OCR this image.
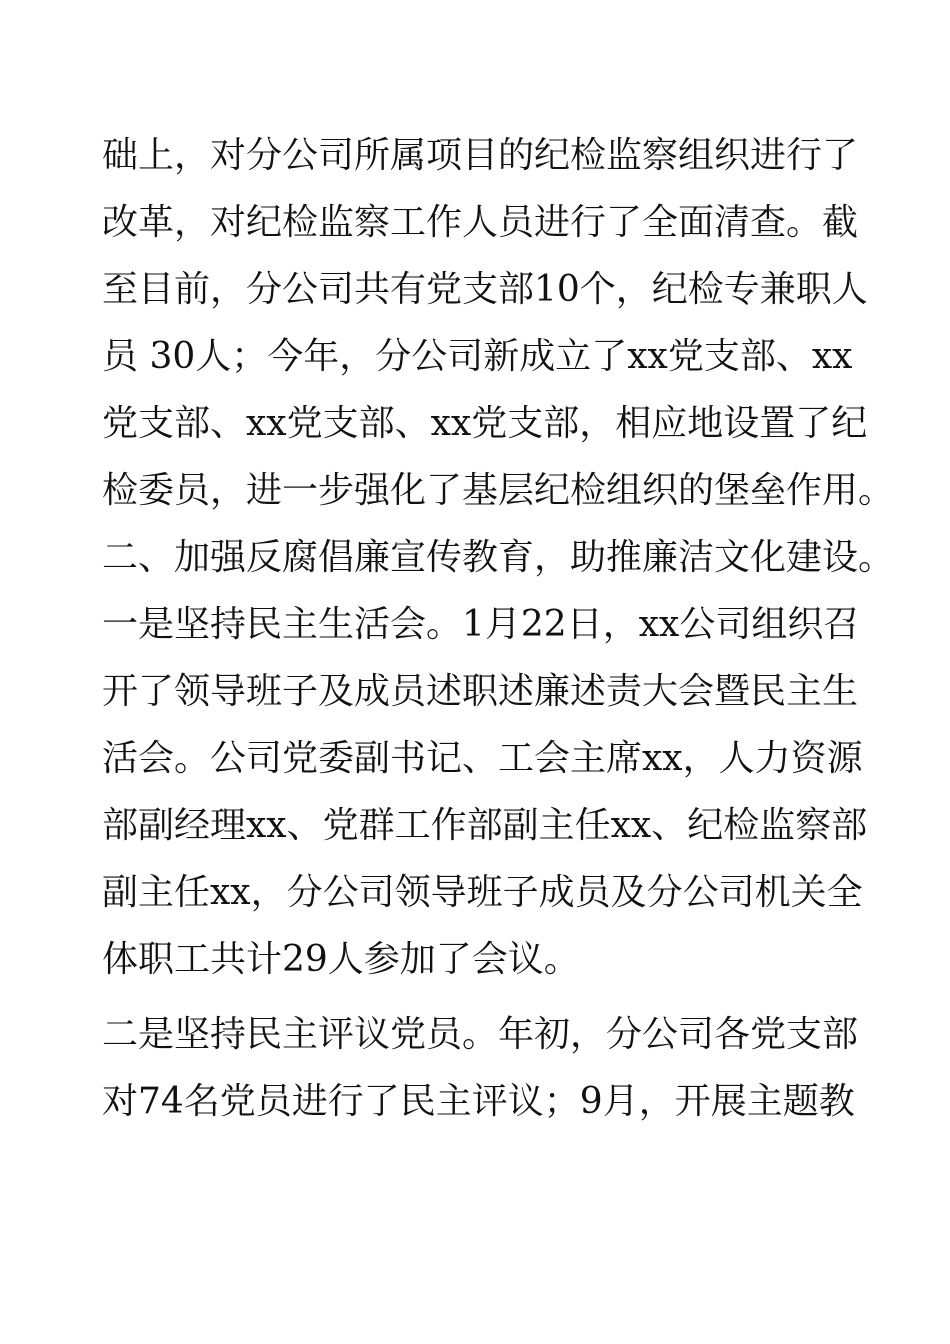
础上，对分公司所属项目的纪检监察组织进行了
改革，对纪检监察工作人员进行了全面清查。截
至目前，分公司共有党支部10个，纪检专兼职人
员 30人；今年，分公司新成立了xx党支部、xx
党支部、xx党支部、xx党支部，相应地设置了纪
检委员，进一步强化了基层纪检组织的堡垒作用。
二、加强反腐倡廉宣传教育，助推廉洁文化建设。
一是坚持民主生活会。1月22日，xx公司组织召
开了领导班子及成员述职述廉述责大会暨民主生
活会。公司党委副书记、工会主席xx，人力资源
部副经理xx、党群工作部副主任xx、纪检监察部
副主任xx，分公司领导班子成员及分公司机关全
体职工共计29人参加了会议。
二是坚持民主评议党员。年初，分公司各党支部
对74名党员进行了民主评议；9月，开展主题教
